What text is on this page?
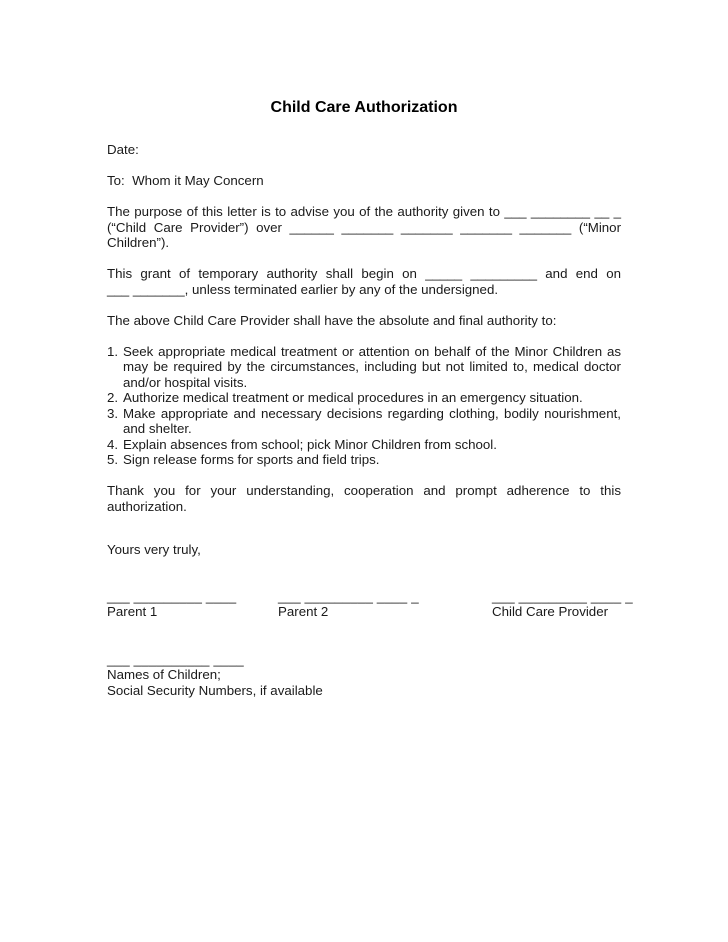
Child Care Authorization

Date:

To:  Whom it May Concern

The purpose of this letter is to advise you of the authority given to ___ ________ __ _
(“Child Care Provider”) over ______ _______ _______ _______ _______ (“Minor
Children”).
This grant of temporary authority shall begin on _____ _________ and end on
___ _______, unless terminated earlier by any of the undersigned.

The above Child Care Provider shall have the absolute and final authority to:

1. Seek appropriate medical treatment or attention on behalf of the Minor Children as
may be required by the circumstances, including but not limited to, medical doctor
and/or hospital visits.
2. Authorize medical treatment or medical procedures in an emergency situation.
3. Make appropriate and necessary decisions regarding clothing, bodily nourishment,
and shelter.
4. Explain absences from school; pick Minor Children from school.
5. Sign release forms for sports and field trips.
Thank you for your understanding, cooperation and prompt adherence to this
authorization.

Yours very truly,

___ _________ ____
Parent 1
___ _________ ____ _
Parent 2
___ _________ ____ _
Child Care Provider
___ __________ ____
Names of Children;
Social Security Numbers, if available
